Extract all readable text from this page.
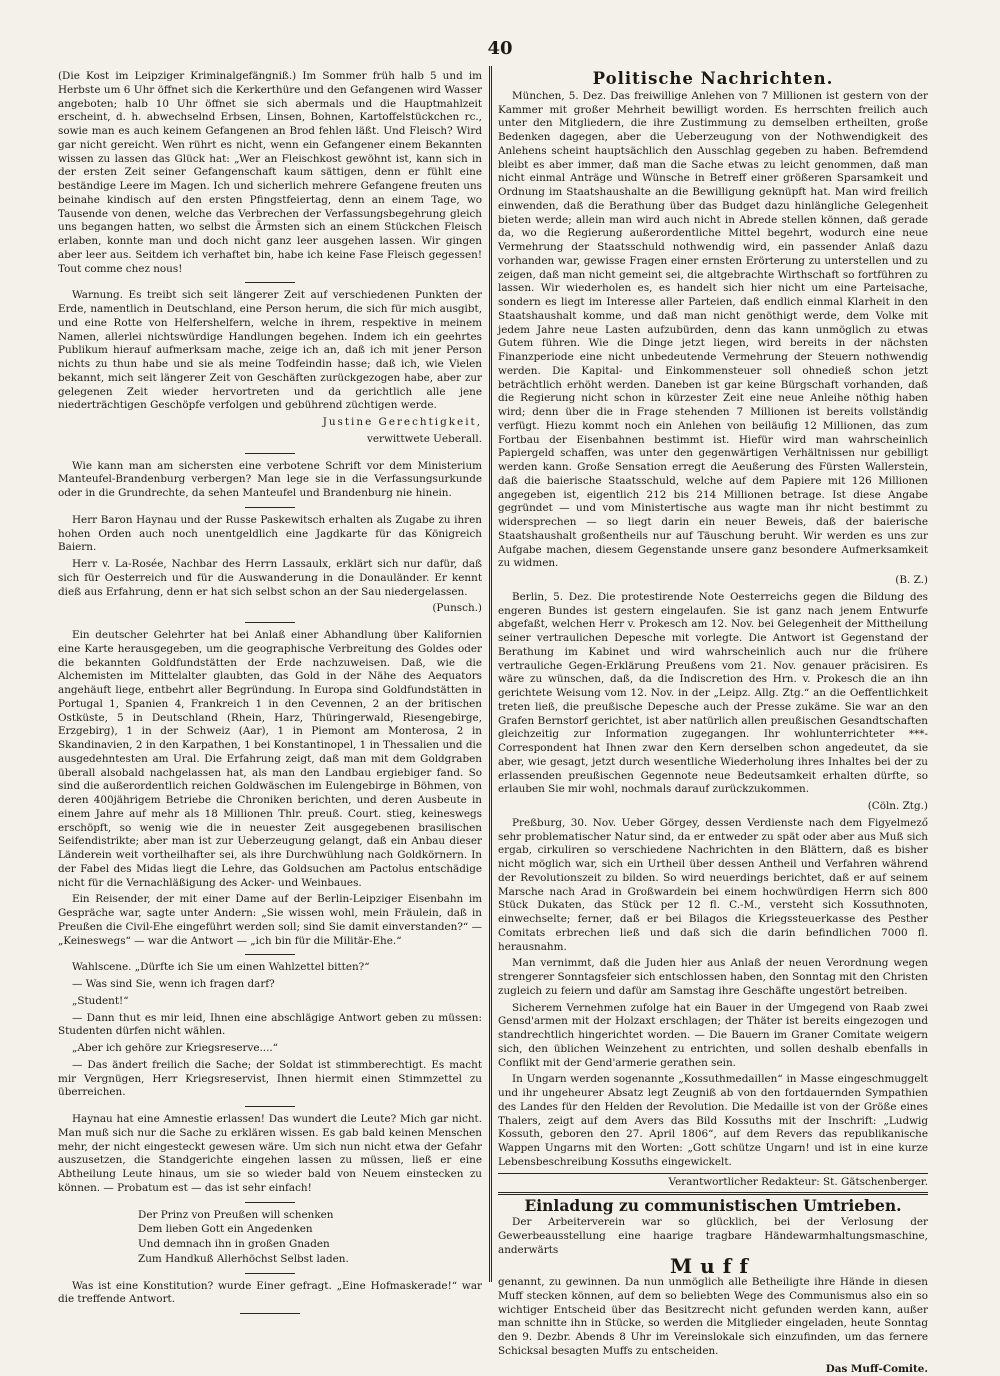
40

(Die Kost im Leipziger Kriminalgefängniß.) Im Sommer früh halb 5 und im Herbste um 6 Uhr öffnet sich die Kerkerthüre und den Gefangenen wird Wasser angeboten; halb 10 Uhr öffnet sie sich abermals und die Hauptmahlzeit erscheint, d. h. abwechselnd Erbsen, Linsen, Bohnen, Kartoffelstückchen rc., sowie man es auch keinem Gefangenen an Brod fehlen läßt. Und Fleisch? Wird gar nicht gereicht. Wen rührt es nicht, wenn ein Gefangener einem Bekannten wissen zu lassen das Glück hat: „Wer an Fleischkost gewöhnt ist, kann sich in der ersten Zeit seiner Gefangenschaft kaum sättigen, denn er fühlt eine beständige Leere im Magen. Ich und sicherlich mehrere Gefangene freuten uns beinahe kindisch auf den ersten Pfingstfeiertag, denn an einem Tage, wo Tausende von denen, welche das Verbrechen der Verfassungsbegehrung gleich uns begangen hatten, wo selbst die Ärmsten sich an einem Stückchen Fleisch erlaben, konnte man und doch nicht ganz leer ausgehen lassen. Wir gingen aber leer aus. Seitdem ich verhaftet bin, habe ich keine Fase Fleisch gegessen! Tout comme chez nous!

Warnung. Es treibt sich seit längerer Zeit auf verschiedenen Punkten der Erde, namentlich in Deutschland, eine Person herum, die sich für mich ausgibt, und eine Rotte von Helfershelfern, welche in ihrem, respektive in meinem Namen, allerlei nichtswürdige Handlungen begehen. Indem ich ein geehrtes Publikum hierauf aufmerksam mache, zeige ich an, daß ich mit jener Person nichts zu thun habe und sie als meine Todfeindin hasse; daß ich, wie Vielen bekannt, mich seit längerer Zeit von Geschäften zurückgezogen habe, aber zur gelegenen Zeit wieder hervortreten und da gerichtlich alle jene niederträchtigen Geschöpfe verfolgen und gebührend züchtigen werde.

Justine Gerechtigkeit,
verwittwete Ueberall.

Wie kann man am sichersten eine verbotene Schrift vor dem Ministerium Manteufel-Brandenburg verbergen? Man lege sie in die Verfassungsurkunde oder in die Grundrechte, da sehen Manteufel und Brandenburg nie hinein.

Herr Baron Haynau und der Russe Paskewitsch erhalten als Zugabe zu ihren hohen Orden auch noch unentgeldlich eine Jagdkarte für das Königreich Baiern.

Herr v. La-Rosée, Nachbar des Herrn Lassaulx, erklärt sich nur dafür, daß sich für Oesterreich und für die Auswanderung in die Donauländer. Er kennt dieß aus Erfahrung, denn er hat sich selbst schon an der Sau niedergelassen.

(Punsch.)

Ein deutscher Gelehrter hat bei Anlaß einer Abhandlung über Kalifornien eine Karte herausgegeben, um die geographische Verbreitung des Goldes oder die bekannten Goldfundstätten der Erde nachzuweisen. Daß, wie die Alchemisten im Mittelalter glaubten, das Gold in der Nähe des Aequators angehäuft liege, entbehrt aller Begründung. In Europa sind Goldfundstätten in Portugal 1, Spanien 4, Frankreich 1 in den Cevennen, 2 an der britischen Ostküste, 5 in Deutschland (Rhein, Harz, Thüringerwald, Riesengebirge, Erzgebirg), 1 in der Schweiz (Aar), 1 in Piemont am Monterosa, 2 in Skandinavien, 2 in den Karpathen, 1 bei Konstantinopel, 1 in Thessalien und die ausgedehntesten am Ural. Die Erfahrung zeigt, daß man mit dem Goldgraben überall alsobald nachgelassen hat, als man den Landbau ergiebiger fand. So sind die außerordentlich reichen Goldwäschen im Eulengebirge in Böhmen, von deren 400jährigem Betriebe die Chroniken berichten, und deren Ausbeute in einem Jahre auf mehr als 18 Millionen Thlr. preuß. Court. stieg, keineswegs erschöpft, so wenig wie die in neuester Zeit ausgegebenen brasilischen Seifendistrikte; aber man ist zur Ueberzeugung gelangt, daß ein Anbau dieser Länderein weit vortheilhafter sei, als ihre Durchwühlung nach Goldkörnern. In der Fabel des Midas liegt die Lehre, das Goldsuchen am Pactolus entschädige nicht für die Vernachläßigung des Acker- und Weinbaues.

Ein Reisender, der mit einer Dame auf der Berlin-Leipziger Eisenbahn im Gespräche war, sagte unter Andern: „Sie wissen wohl, mein Fräulein, daß in Preußen die Civil-Ehe eingeführt werden soll; sind Sie damit einverstanden?“ — „Keineswegs“ — war die Antwort — „ich bin für die Militär-Ehe.“

Wahlscene. „Dürfte ich Sie um einen Wahlzettel bitten?“

— Was sind Sie, wenn ich fragen darf?

„Student!“

— Dann thut es mir leid, Ihnen eine abschlägige Antwort geben zu müssen: Studenten dürfen nicht wählen.

„Aber ich gehöre zur Kriegsreserve....“

— Das ändert freilich die Sache; der Soldat ist stimmberechtigt. Es macht mir Vergnügen, Herr Kriegsreservist, Ihnen hiermit einen Stimmzettel zu überreichen.

Haynau hat eine Amnestie erlassen! Das wundert die Leute? Mich gar nicht. Man muß sich nur die Sache zu erklären wissen. Es gab bald keinen Menschen mehr, der nicht eingesteckt gewesen wäre. Um sich nun nicht etwa der Gefahr auszusetzen, die Standgerichte eingehen lassen zu müssen, ließ er eine Abtheilung Leute hinaus, um sie so wieder bald von Neuem einstecken zu können. — Probatum est — das ist sehr einfach!

Der Prinz von Preußen will schenken
Dem lieben Gott ein Angedenken
Und demnach ihn in großen Gnaden
Zum Handkuß Allerhöchst Selbst laden.

Was ist eine Konstitution? wurde Einer gefragt. „Eine Hofmaskerade!“ war die treffende Antwort.

Politische Nachrichten.

München, 5. Dez. Das freiwillige Anlehen von 7 Millionen ist gestern von der Kammer mit großer Mehrheit bewilligt worden. Es herrschten freilich auch unter den Mitgliedern, die ihre Zustimmung zu demselben ertheilten, große Bedenken dagegen, aber die Ueberzeugung von der Nothwendigkeit des Anlehens scheint hauptsächlich den Ausschlag gegeben zu haben. Befremdend bleibt es aber immer, daß man die Sache etwas zu leicht genommen, daß man nicht einmal Anträge und Wünsche in Betreff einer größeren Sparsamkeit und Ordnung im Staatshaushalte an die Bewilligung geknüpft hat. Man wird freilich einwenden, daß die Berathung über das Budget dazu hinlängliche Gelegenheit bieten werde; allein man wird auch nicht in Abrede stellen können, daß gerade da, wo die Regierung außerordentliche Mittel begehrt, wodurch eine neue Vermehrung der Staatsschuld nothwendig wird, ein passender Anlaß dazu vorhanden war, gewisse Fragen einer ernsten Erörterung zu unterstellen und zu zeigen, daß man nicht gemeint sei, die altgebrachte Wirthschaft so fortführen zu lassen. Wir wiederholen es, es handelt sich hier nicht um eine Parteisache, sondern es liegt im Interesse aller Parteien, daß endlich einmal Klarheit in den Staatshaushalt komme, und daß man nicht genöthigt werde, dem Volke mit jedem Jahre neue Lasten aufzubürden, denn das kann unmöglich zu etwas Gutem führen. Wie die Dinge jetzt liegen, wird bereits in der nächsten Finanzperiode eine nicht unbedeutende Vermehrung der Steuern nothwendig werden. Die Kapital- und Einkommensteuer soll ohnedieß schon jetzt beträchtlich erhöht werden. Daneben ist gar keine Bürgschaft vorhanden, daß die Regierung nicht schon in kürzester Zeit eine neue Anleihe nöthig haben wird; denn über die in Frage stehenden 7 Millionen ist bereits vollständig verfügt. Hiezu kommt noch ein Anlehen von beiläufig 12 Millionen, das zum Fortbau der Eisenbahnen bestimmt ist. Hiefür wird man wahrscheinlich Papiergeld schaffen, was unter den gegenwärtigen Verhältnissen nur gebilligt werden kann. Große Sensation erregt die Aeußerung des Fürsten Wallerstein, daß die baierische Staatsschuld, welche auf dem Papiere mit 126 Millionen angegeben ist, eigentlich 212 bis 214 Millionen betrage. Ist diese Angabe gegründet — und vom Ministertische aus wagte man ihr nicht bestimmt zu widersprechen — so liegt darin ein neuer Beweis, daß der baierische Staatshaushalt großentheils nur auf Täuschung beruht. Wir werden es uns zur Aufgabe machen, diesem Gegenstande unsere ganz besondere Aufmerksamkeit zu widmen.

(B. Z.)

Berlin, 5. Dez. Die protestirende Note Oesterreichs gegen die Bildung des engeren Bundes ist gestern eingelaufen. Sie ist ganz nach jenem Entwurfe abgefaßt, welchen Herr v. Prokesch am 12. Nov. bei Gelegenheit der Mittheilung seiner vertraulichen Depesche mit vorlegte. Die Antwort ist Gegenstand der Berathung im Kabinet und wird wahrscheinlich auch nur die frühere vertrauliche Gegen-Erklärung Preußens vom 21. Nov. genauer präcisiren. Es wäre zu wünschen, daß, da die Indiscretion des Hrn. v. Prokesch die an ihn gerichtete Weisung vom 12. Nov. in der „Leipz. Allg. Ztg.“ an die Oeffentlichkeit treten ließ, die preußische Depesche auch der Presse zukäme. Sie war an den Grafen Bernstorf gerichtet, ist aber natürlich allen preußischen Gesandtschaften gleichzeitig zur Information zugegangen. Ihr wohlunterrichteter ***-Correspondent hat Ihnen zwar den Kern derselben schon angedeutet, da sie aber, wie gesagt, jetzt durch wesentliche Wiederholung ihres Inhaltes bei der zu erlassenden preußischen Gegennote neue Bedeutsamkeit erhalten dürfte, so erlauben Sie mir wohl, nochmals darauf zurückzukommen.

(Cöln. Ztg.)

Preßburg, 30. Nov. Ueber Görgey, dessen Verdienste nach dem Figyelmező sehr problematischer Natur sind, da er entweder zu spät oder aber aus Muß sich ergab, cirkuliren so verschiedene Nachrichten in den Blättern, daß es bisher nicht möglich war, sich ein Urtheil über dessen Antheil und Verfahren während der Revolutionszeit zu bilden. So wird neuerdings berichtet, daß er auf seinem Marsche nach Arad in Großwardein bei einem hochwürdigen Herrn sich 800 Stück Dukaten, das Stück per 12 fl. C.-M., versteht sich Kossuthnoten, einwechselte; ferner, daß er bei Bilagos die Kriegssteuerkasse des Pesther Comitats erbrechen ließ und daß sich die darin befindlichen 7000 fl. herausnahm.

Man vernimmt, daß die Juden hier aus Anlaß der neuen Verordnung wegen strengerer Sonntagsfeier sich entschlossen haben, den Sonntag mit den Christen zugleich zu feiern und dafür am Samstag ihre Geschäfte ungestört betreiben.

Sicherem Vernehmen zufolge hat ein Bauer in der Umgegend von Raab zwei Gensd'armen mit der Holzaxt erschlagen; der Thäter ist bereits eingezogen und standrechtlich hingerichtet worden. — Die Bauern im Graner Comitate weigern sich, den üblichen Weinzehent zu entrichten, und sollen deshalb ebenfalls in Conflikt mit der Gend'armerie gerathen sein.

In Ungarn werden sogenannte „Kossuthmedaillen“ in Masse eingeschmuggelt und ihr ungeheurer Absatz legt Zeugniß ab von den fortdauernden Sympathien des Landes für den Helden der Revolution. Die Medaille ist von der Größe eines Thalers, zeigt auf dem Avers das Bild Kossuths mit der Inschrift: „Ludwig Kossuth, geboren den 27. April 1806“, auf dem Revers das republikanische Wappen Ungarns mit den Worten: „Gott schütze Ungarn! und ist in eine kurze Lebensbeschreibung Kossuths eingewickelt.

Verantwortlicher Redakteur: St. Gätschenberger.
Einladung zu communistischen Umtrieben.

Der Arbeiterverein war so glücklich, bei der Verlosung der Gewerbeausstellung eine haarige tragbare Händewarmhaltungsmaschine, anderwärts

Muff

genannt, zu gewinnen. Da nun unmöglich alle Betheiligte ihre Hände in diesen Muff stecken können, auf dem so beliebten Wege des Communismus also ein so wichtiger Entscheid über das Besitzrecht nicht gefunden werden kann, außer man schnitte ihn in Stücke, so werden die Mitglieder eingeladen, heute Sonntag den 9. Dezbr. Abends 8 Uhr im Vereinslokale sich einzufinden, um das fernere Schicksal besagten Muffs zu entscheiden.

Das Muff-Comite.
